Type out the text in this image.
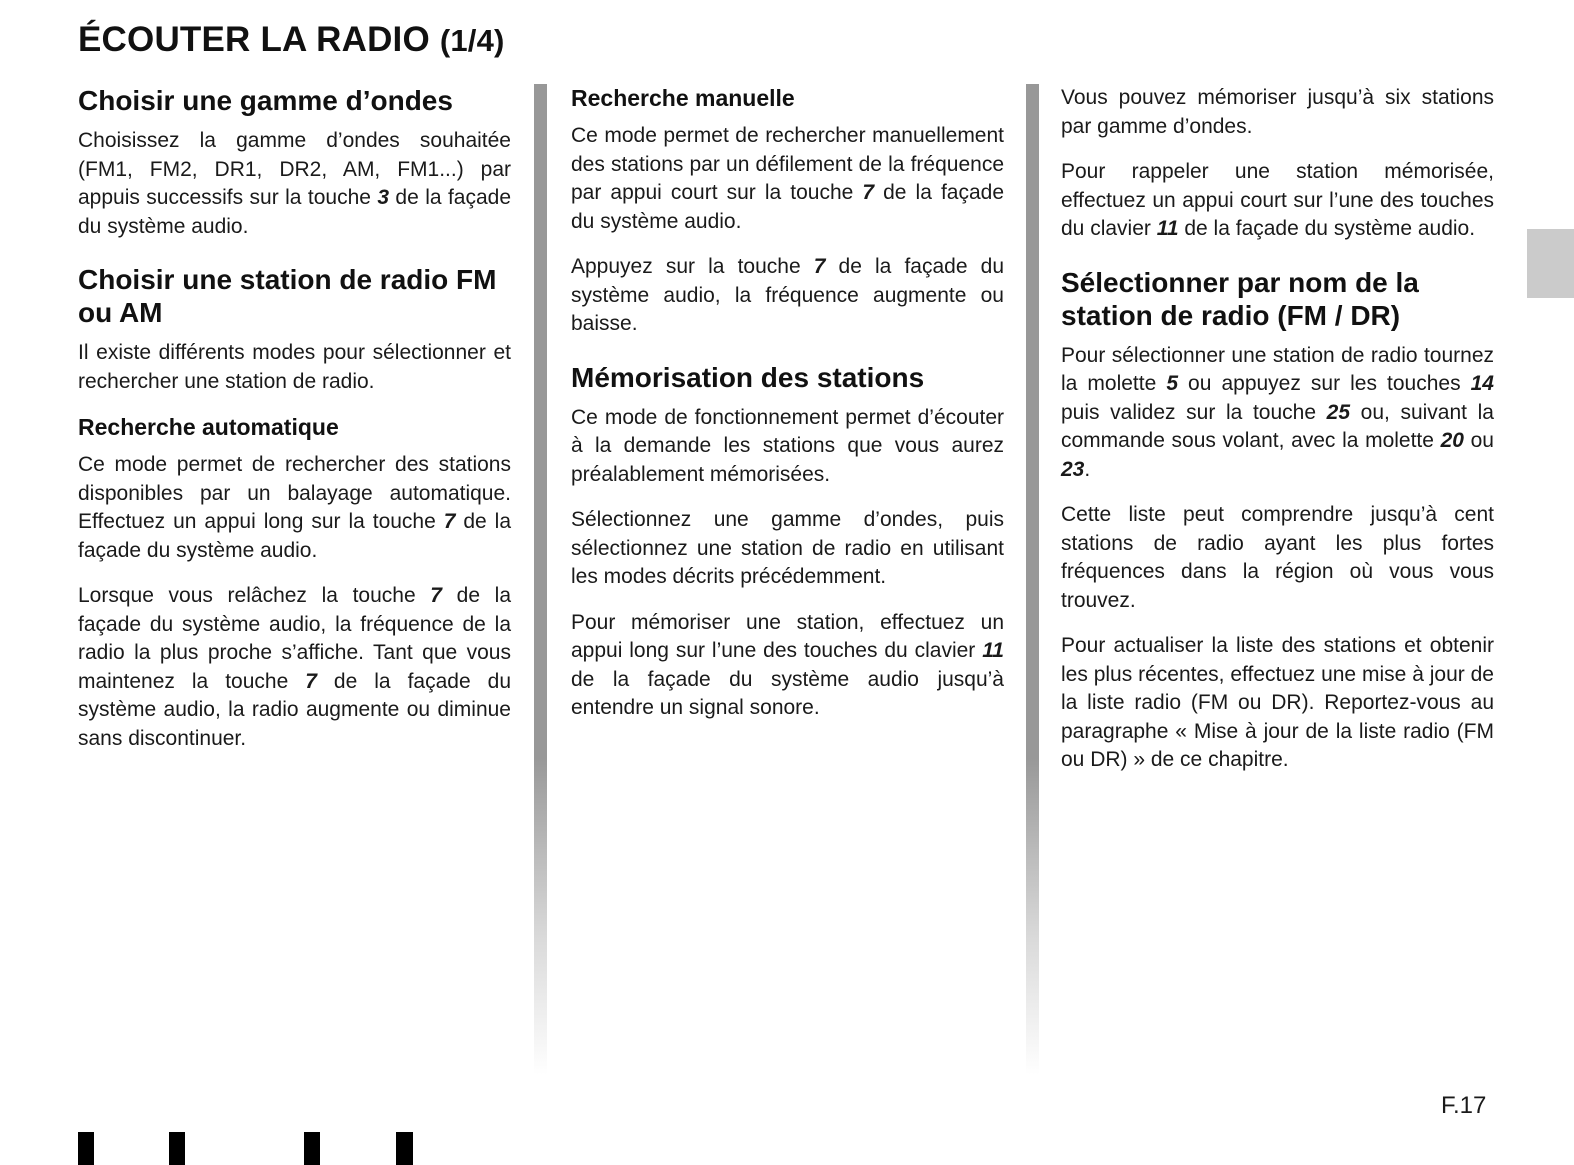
ÉCOUTER LA RADIO (1/4)
Choisir une gamme d’ondes

Choisissez la gamme d’ondes souhaitée (FM1, FM2, DR1, DR2, AM, FM1...) par appuis successifs sur la touche 3 de la façade du système audio.

Choisir une station de radio FM ou AM

Il existe différents modes pour sélectionner et rechercher une station de radio.

Recherche automatique

Ce mode permet de rechercher des stations disponibles par un balayage automatique. Effectuez un appui long sur la touche 7 de la façade du système audio.

Lorsque vous relâchez la touche 7 de la façade du système audio, la fréquence de la radio la plus proche s’affiche. Tant que vous maintenez la touche 7 de la façade du système audio, la radio augmente ou diminue sans discontinuer.

Recherche manuelle

Ce mode permet de rechercher manuellement des stations par un défilement de la fréquence par appui court sur la touche 7 de la façade du système audio.

Appuyez sur la touche 7 de la façade du système audio, la fréquence augmente ou baisse.

Mémorisation des stations

Ce mode de fonctionnement permet d’écouter à la demande les stations que vous aurez préalablement mémorisées.

Sélectionnez une gamme d’ondes, puis sélectionnez une station de radio en utilisant les modes décrits précédemment.

Pour mémoriser une station, effectuez un appui long sur l’une des touches du clavier 11 de la façade du système audio jusqu’à entendre un signal sonore.

Vous pouvez mémoriser jusqu’à six stations par gamme d’ondes.

Pour rappeler une station mémorisée, effectuez un appui court sur l’une des touches du clavier 11 de la façade du système audio.

Sélectionner par nom de la station de radio (FM / DR)

Pour sélectionner une station de radio tournez la molette 5 ou appuyez sur les touches 14 puis validez sur la touche 25 ou, suivant la commande sous volant, avec la molette 20 ou 23.

Cette liste peut comprendre jusqu’à cent stations de radio ayant les plus fortes fréquences dans la région où vous vous trouvez.

Pour actualiser la liste des stations et obtenir les plus récentes, effectuez une mise à jour de la liste radio (FM ou DR). Reportez-vous au paragraphe « Mise à jour de la liste radio (FM ou DR) » de ce chapitre.

F.17
